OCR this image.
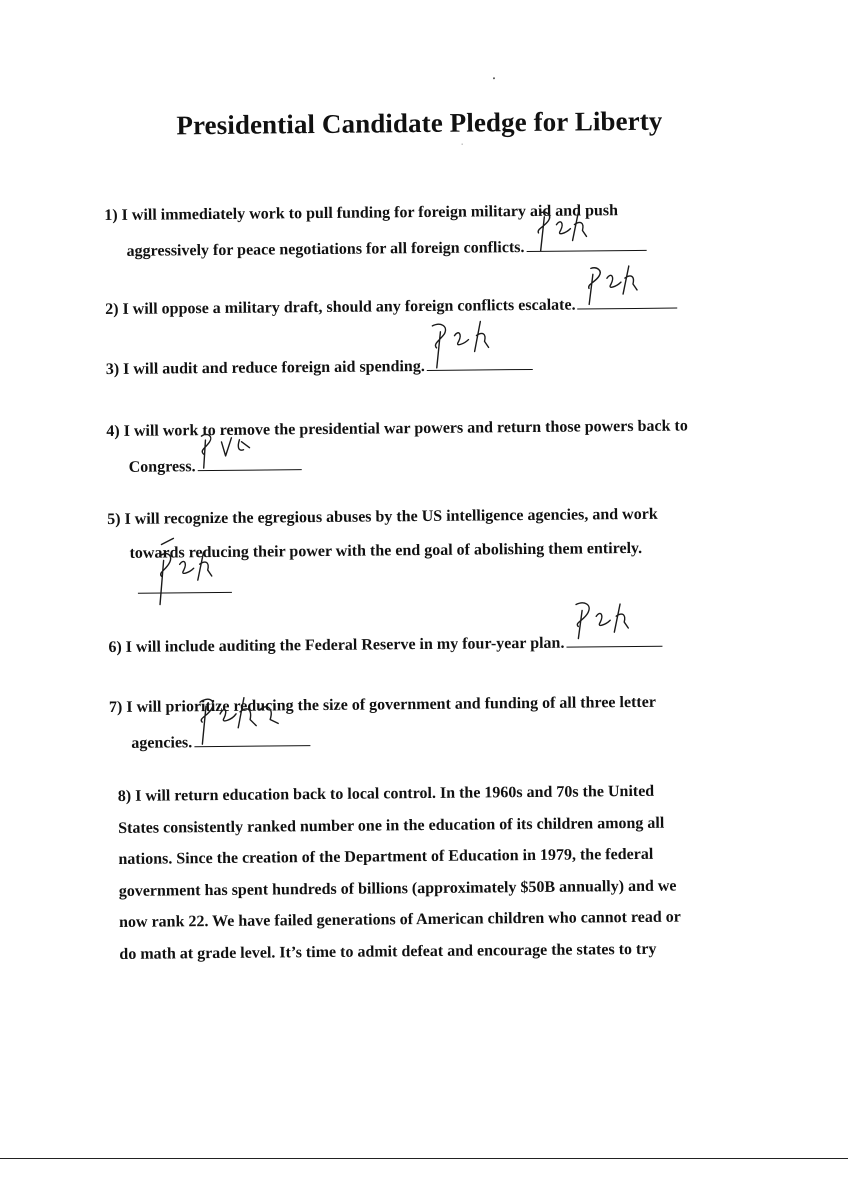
Presidential Candidate Pledge for Liberty
1) I will immediately work to pull funding for foreign military aid and push
aggressively for peace negotiations for all foreign conflicts.
2) I will oppose a military draft, should any foreign conflicts escalate.
3) I will audit and reduce foreign aid spending.
4) I will work to remove the presidential war powers and return those powers back to
Congress.
5) I will recognize the egregious abuses by the US intelligence agencies, and work
towards reducing their power with the end goal of abolishing them entirely.
6) I will include auditing the Federal Reserve in my four-year plan.
7) I will prioritize reducing the size of government and funding of all three letter
agencies.
8) I will return education back to local control. In the 1960s and 70s the United
States consistently ranked number one in the education of its children among all
nations. Since the creation of the Department of Education in 1979, the federal
government has spent hundreds of billions (approximately $50B annually) and we
now rank 22. We have failed generations of American children who cannot read or
do math at grade level. It’s time to admit defeat and encourage the states to try
